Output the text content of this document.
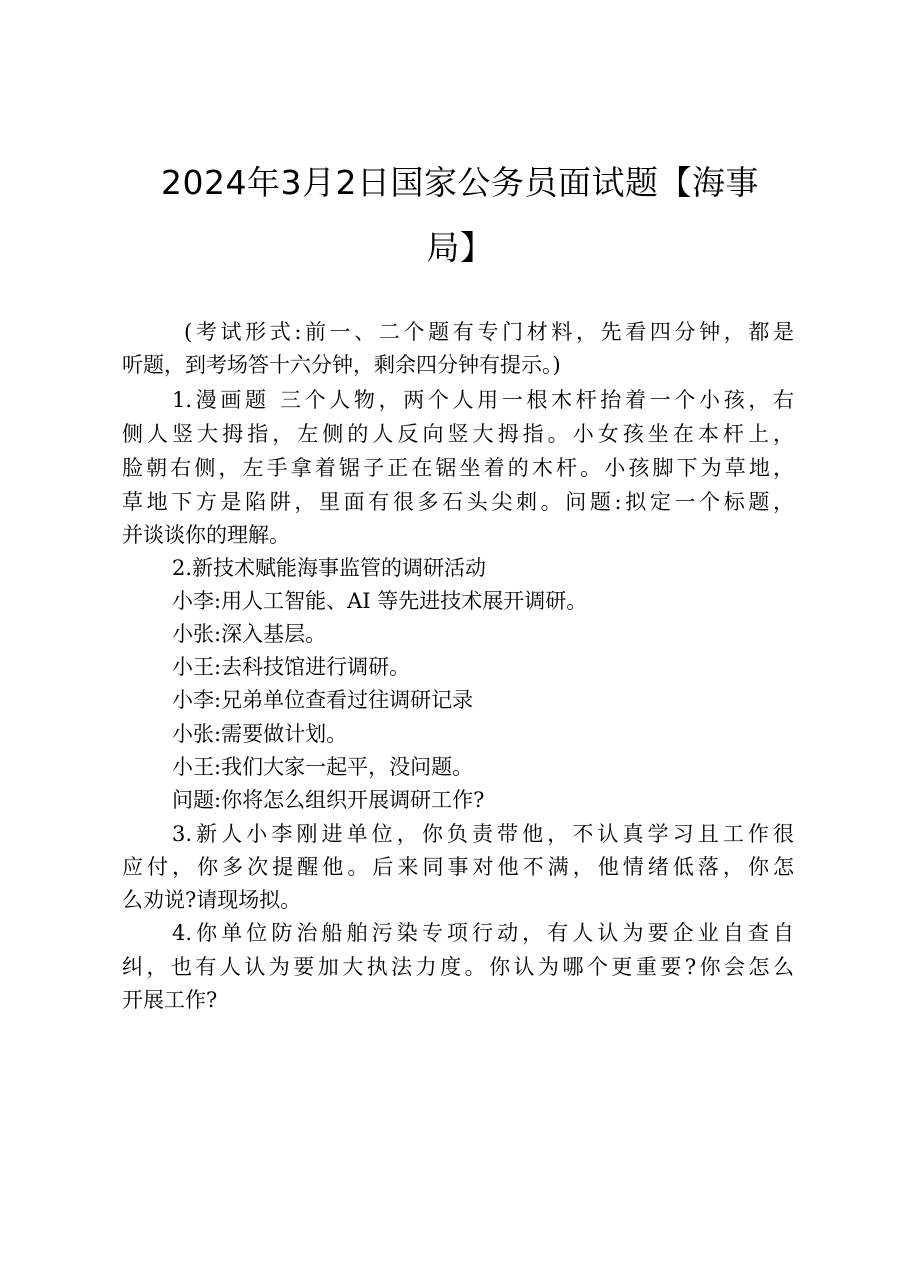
2024年3月2日国家公务员面试题【海事
局】
(考试形式:前一、二个题有专门材料，先看四分钟，都是
听题，到考场答十六分钟，剩余四分钟有提示。)
1.漫画题 三个人物，两个人用一根木杆抬着一个小孩，右
侧人竖大拇指，左侧的人反向竖大拇指。小女孩坐在本杆上，
脸朝右侧，左手拿着锯子正在锯坐着的木杆。小孩脚下为草地，
草地下方是陷阱，里面有很多石头尖刺。问题:拟定一个标题，
并谈谈你的理解。
2.新技术赋能海事监管的调研活动
小李:用人工智能、AI 等先进技术展开调研。
小张:深入基层。
小王:去科技馆进行调研。
小李:兄弟单位查看过往调研记录
小张:需要做计划。
小王:我们大家一起平，没问题。
问题:你将怎么组织开展调研工作?
3.新人小李刚进单位，你负责带他，不认真学习且工作很
应付，你多次提醒他。后来同事对他不满，他情绪低落，你怎
么劝说?请现场拟。
4.你单位防治船舶污染专项行动，有人认为要企业自查自
纠，也有人认为要加大执法力度。你认为哪个更重要?你会怎么
开展工作?
